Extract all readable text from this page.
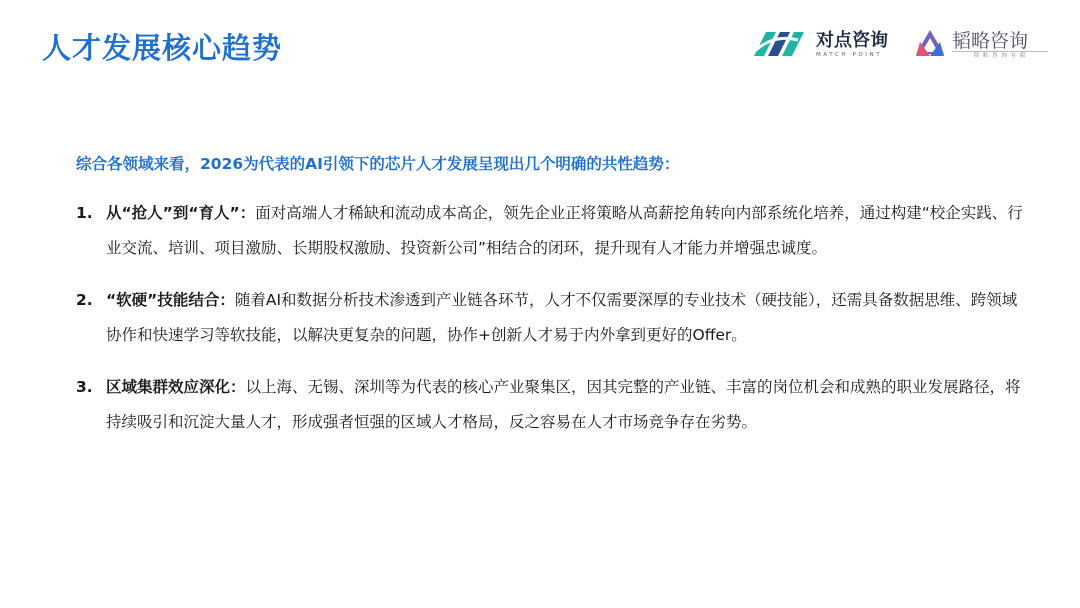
人才发展核心趋势	对点咨询
MATCH POINT
韬略咨询
韬 略 咨 询 有 限
综合各领域来看，2026为代表的AI引领下的芯片人才发展呈现出几个明确的共性趋势：
1. 从“抢人”到“育人”：面对高端人才稀缺和流动成本高企，领先企业正将策略从高薪挖角转向内部系统化培养，通过构建“校企实践、行业交流、培训、项目激励、长期股权激励、投资新公司”相结合的闭环，提升现有人才能力并增强忠诚度。
2. “软硬”技能结合：随着AI和数据分析技术渗透到产业链各环节，人才不仅需要深厚的专业技术（硬技能），还需具备数据思维、跨领域协作和快速学习等软技能，以解决更复杂的问题，协作+创新人才易于内外拿到更好的Offer。
3. 区域集群效应深化：以上海、无锡、深圳等为代表的核心产业聚集区，因其完整的产业链、丰富的岗位机会和成熟的职业发展路径，将持续吸引和沉淀大量人才，形成强者恒强的区域人才格局，反之容易在人才市场竞争存在劣势。
